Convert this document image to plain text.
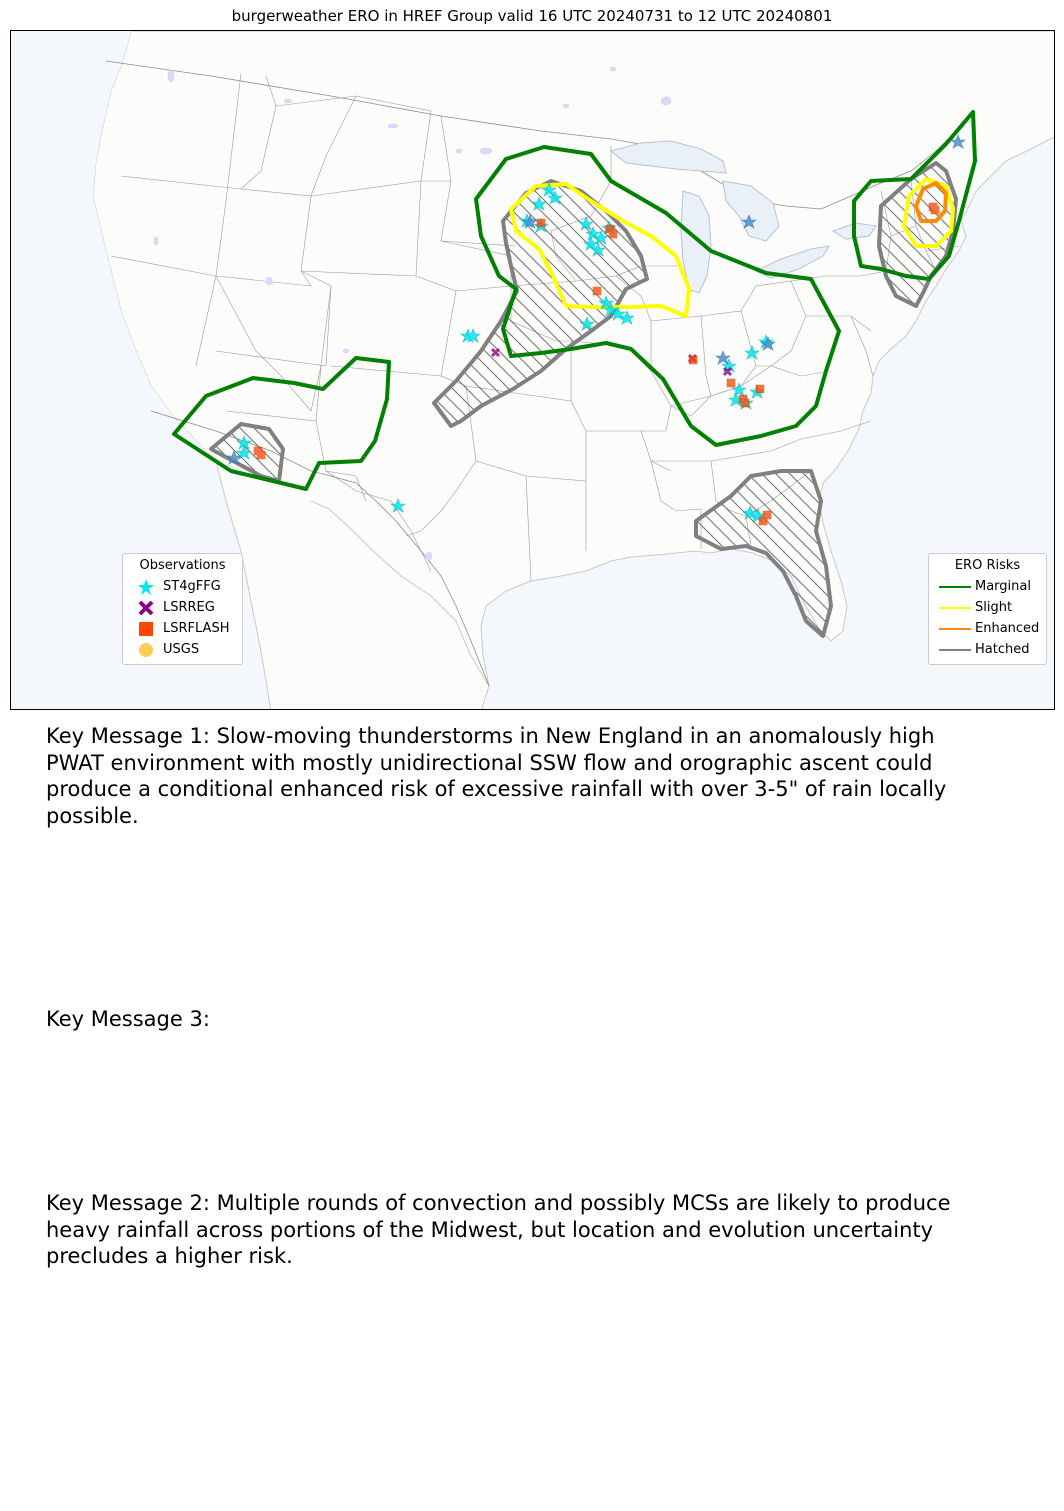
burgerweather ERO in HREF Group valid 16 UTC 20240731 to 12 UTC 20240801
Observations
ST4gFFG
LSRREG
LSRFLASH
USGS
ERO Risks
Marginal
Slight
Enhanced
Hatched
Key Message 1: Slow-moving thunderstorms in New England in an anomalously high PWAT environment with mostly unidirectional SSW flow and orographic ascent could produce a conditional enhanced risk of excessive rainfall with over 3-5" of rain locally possible.
Key Message 3:
Key Message 2: Multiple rounds of convection and possibly MCSs are likely to produce heavy rainfall across portions of the Midwest, but location and evolution uncertainty precludes a higher risk.
